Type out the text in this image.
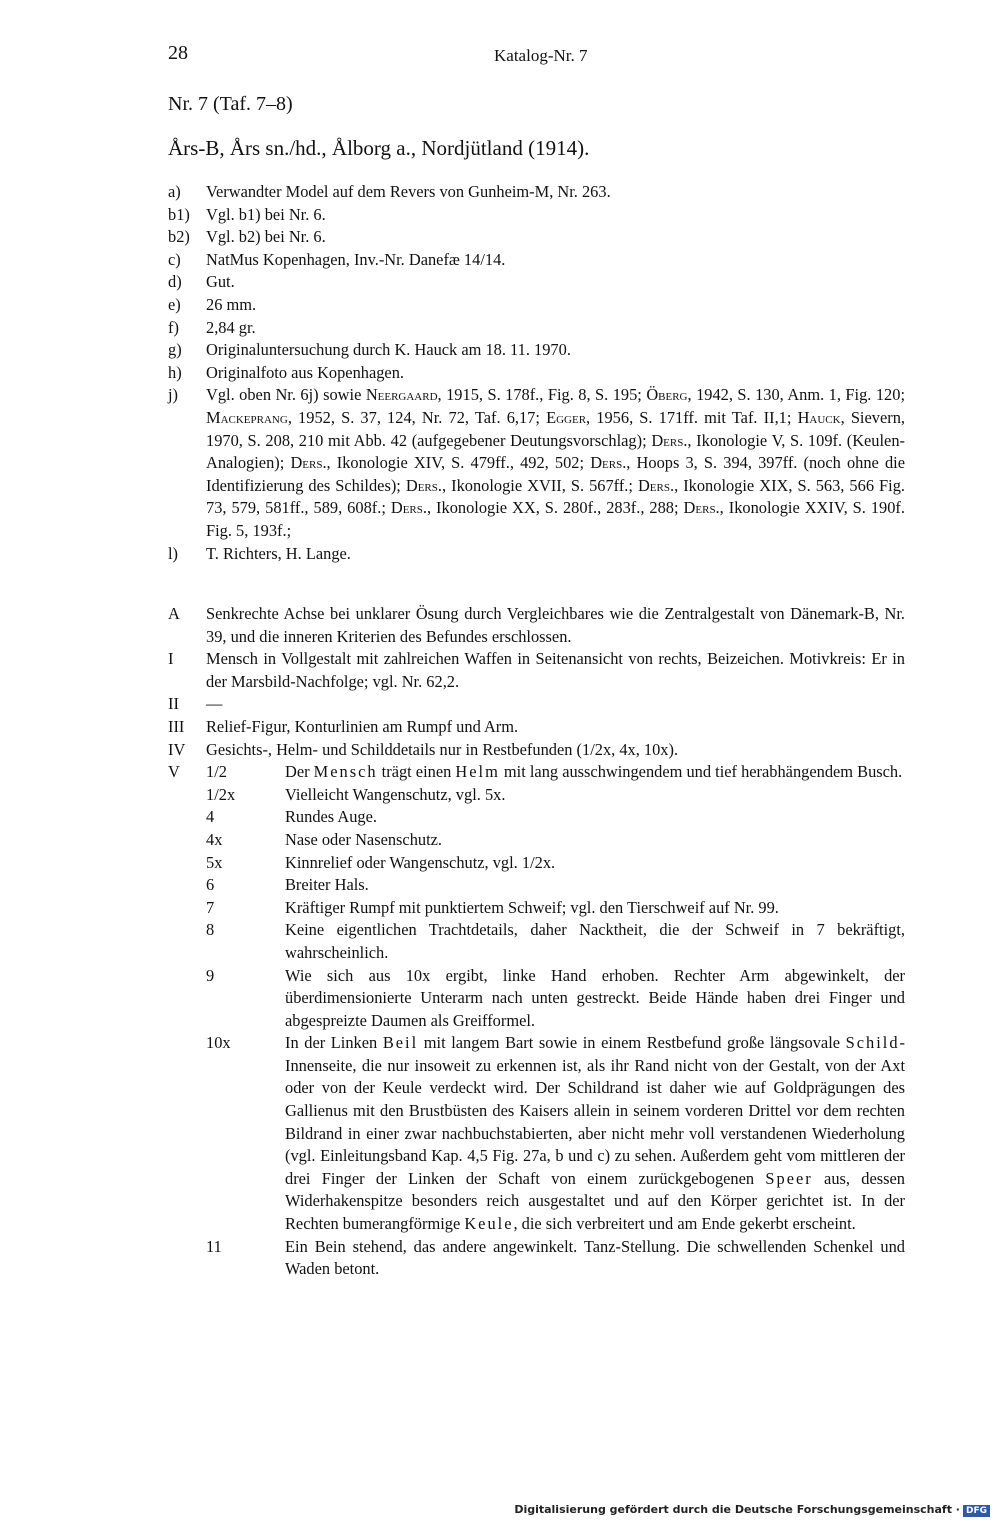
28	Katalog-Nr. 7
Nr. 7 (Taf. 7–8)
Års-B, Års sn./hd., Ålborg a., Nordjütland (1914).
a)	Verwandter Model auf dem Revers von Gunheim-M, Nr. 263.
b1) Vgl. b1) bei Nr. 6.
b2) Vgl. b2) bei Nr. 6.
c)	NatMus Kopenhagen, Inv.-Nr. Danefæ 14/14.
d)	Gut.
e)	26 mm.
f)	2,84 gr.
g)	Originaluntersuchung durch K. Hauck am 18. 11. 1970.
h)	Originalfoto aus Kopenhagen.
j)	Vgl. oben Nr. 6j) sowie Neergaard, 1915, S. 178f., Fig. 8, S. 195; Öberg, 1942, S. 130, Anm. 1, Fig. 120; Mackeprang, 1952, S. 37, 124, Nr. 72, Taf. 6,17; Egger, 1956, S. 171ff. mit Taf. II,1; Hauck, Sievern, 1970, S. 208, 210 mit Abb. 42 (aufgegebener Deutungsvorschlag); Ders., Ikonologie V, S. 109f. (Keulen-Analogien); Ders., Ikonologie XIV, S. 479ff., 492, 502; Ders., Hoops 3, S. 394, 397ff. (noch ohne die Identifizierung des Schildes); Ders., Ikonologie XVII, S. 567ff.; Ders., Ikonologie XIX, S. 563, 566 Fig. 73, 579, 581ff., 589, 608f.; Ders., Ikonologie XX, S. 280f., 283f., 288; Ders., Ikonologie XXIV, S. 190f. Fig. 5, 193f.;
l)	T. Richters, H. Lange.
A	Senkrechte Achse bei unklarer Ösung durch Vergleichbares wie die Zentralgestalt von Dänemark-B, Nr. 39, und die inneren Kriterien des Befundes erschlossen.
I	Mensch in Vollgestalt mit zahlreichen Waffen in Seitenansicht von rechts, Beizeichen. Motivkreis: Er in der Marsbild-Nachfolge; vgl. Nr. 62,2.
II	—
III	Relief-Figur, Konturlinien am Rumpf und Arm.
IV	Gesichts-, Helm- und Schilddetails nur in Restbefunden (1/2x, 4x, 10x).
V	1/2	Der Mensch trägt einen Helm mit lang ausschwingendem und tief herabhängendem Busch.
1/2x	Vielleicht Wangenschutz, vgl. 5x.
4	Rundes Auge.
4x	Nase oder Nasenschutz.
5x	Kinnrelief oder Wangenschutz, vgl. 1/2x.
6	Breiter Hals.
7	Kräftiger Rumpf mit punktiertem Schweif; vgl. den Tierschweif auf Nr. 99.
8	Keine eigentlichen Trachtdetails, daher Nacktheit, die der Schweif in 7 bekräftigt, wahrscheinlich.
9	Wie sich aus 10x ergibt, linke Hand erhoben. Rechter Arm abgewinkelt, der überdimensionierte Unterarm nach unten gestreckt. Beide Hände haben drei Finger und abgespreizte Daumen als Greifformel.
10x	In der Linken Beil mit langem Bart sowie in einem Restbefund große längsovale Schild-Innenseite, die nur insoweit zu erkennen ist, als ihr Rand nicht von der Gestalt, von der Axt oder von der Keule verdeckt wird. Der Schildrand ist daher wie auf Goldprägungen des Gallienus mit den Brustbüsten des Kaisers allein in seinem vorderen Drittel vor dem rechten Bildrand in einer zwar nachbuchstabierten, aber nicht mehr voll verstandenen Wiederholung (vgl. Einleitungsband Kap. 4,5 Fig. 27a, b und c) zu sehen. Außerdem geht vom mittleren der drei Finger der Linken der Schaft von einem zurückgebogenen Speer aus, dessen Widerhakenspitze besonders reich ausgestaltet und auf den Körper gerichtet ist. In der Rechten bumerangförmige Keule, die sich verbreitert und am Ende gekerbt erscheint.
11	Ein Bein stehend, das andere angewinkelt. Tanz-Stellung. Die schwellenden Schenkel und Waden betont.
Digitalisierung gefördert durch die Deutsche Forschungsgemeinschaft · DFG
